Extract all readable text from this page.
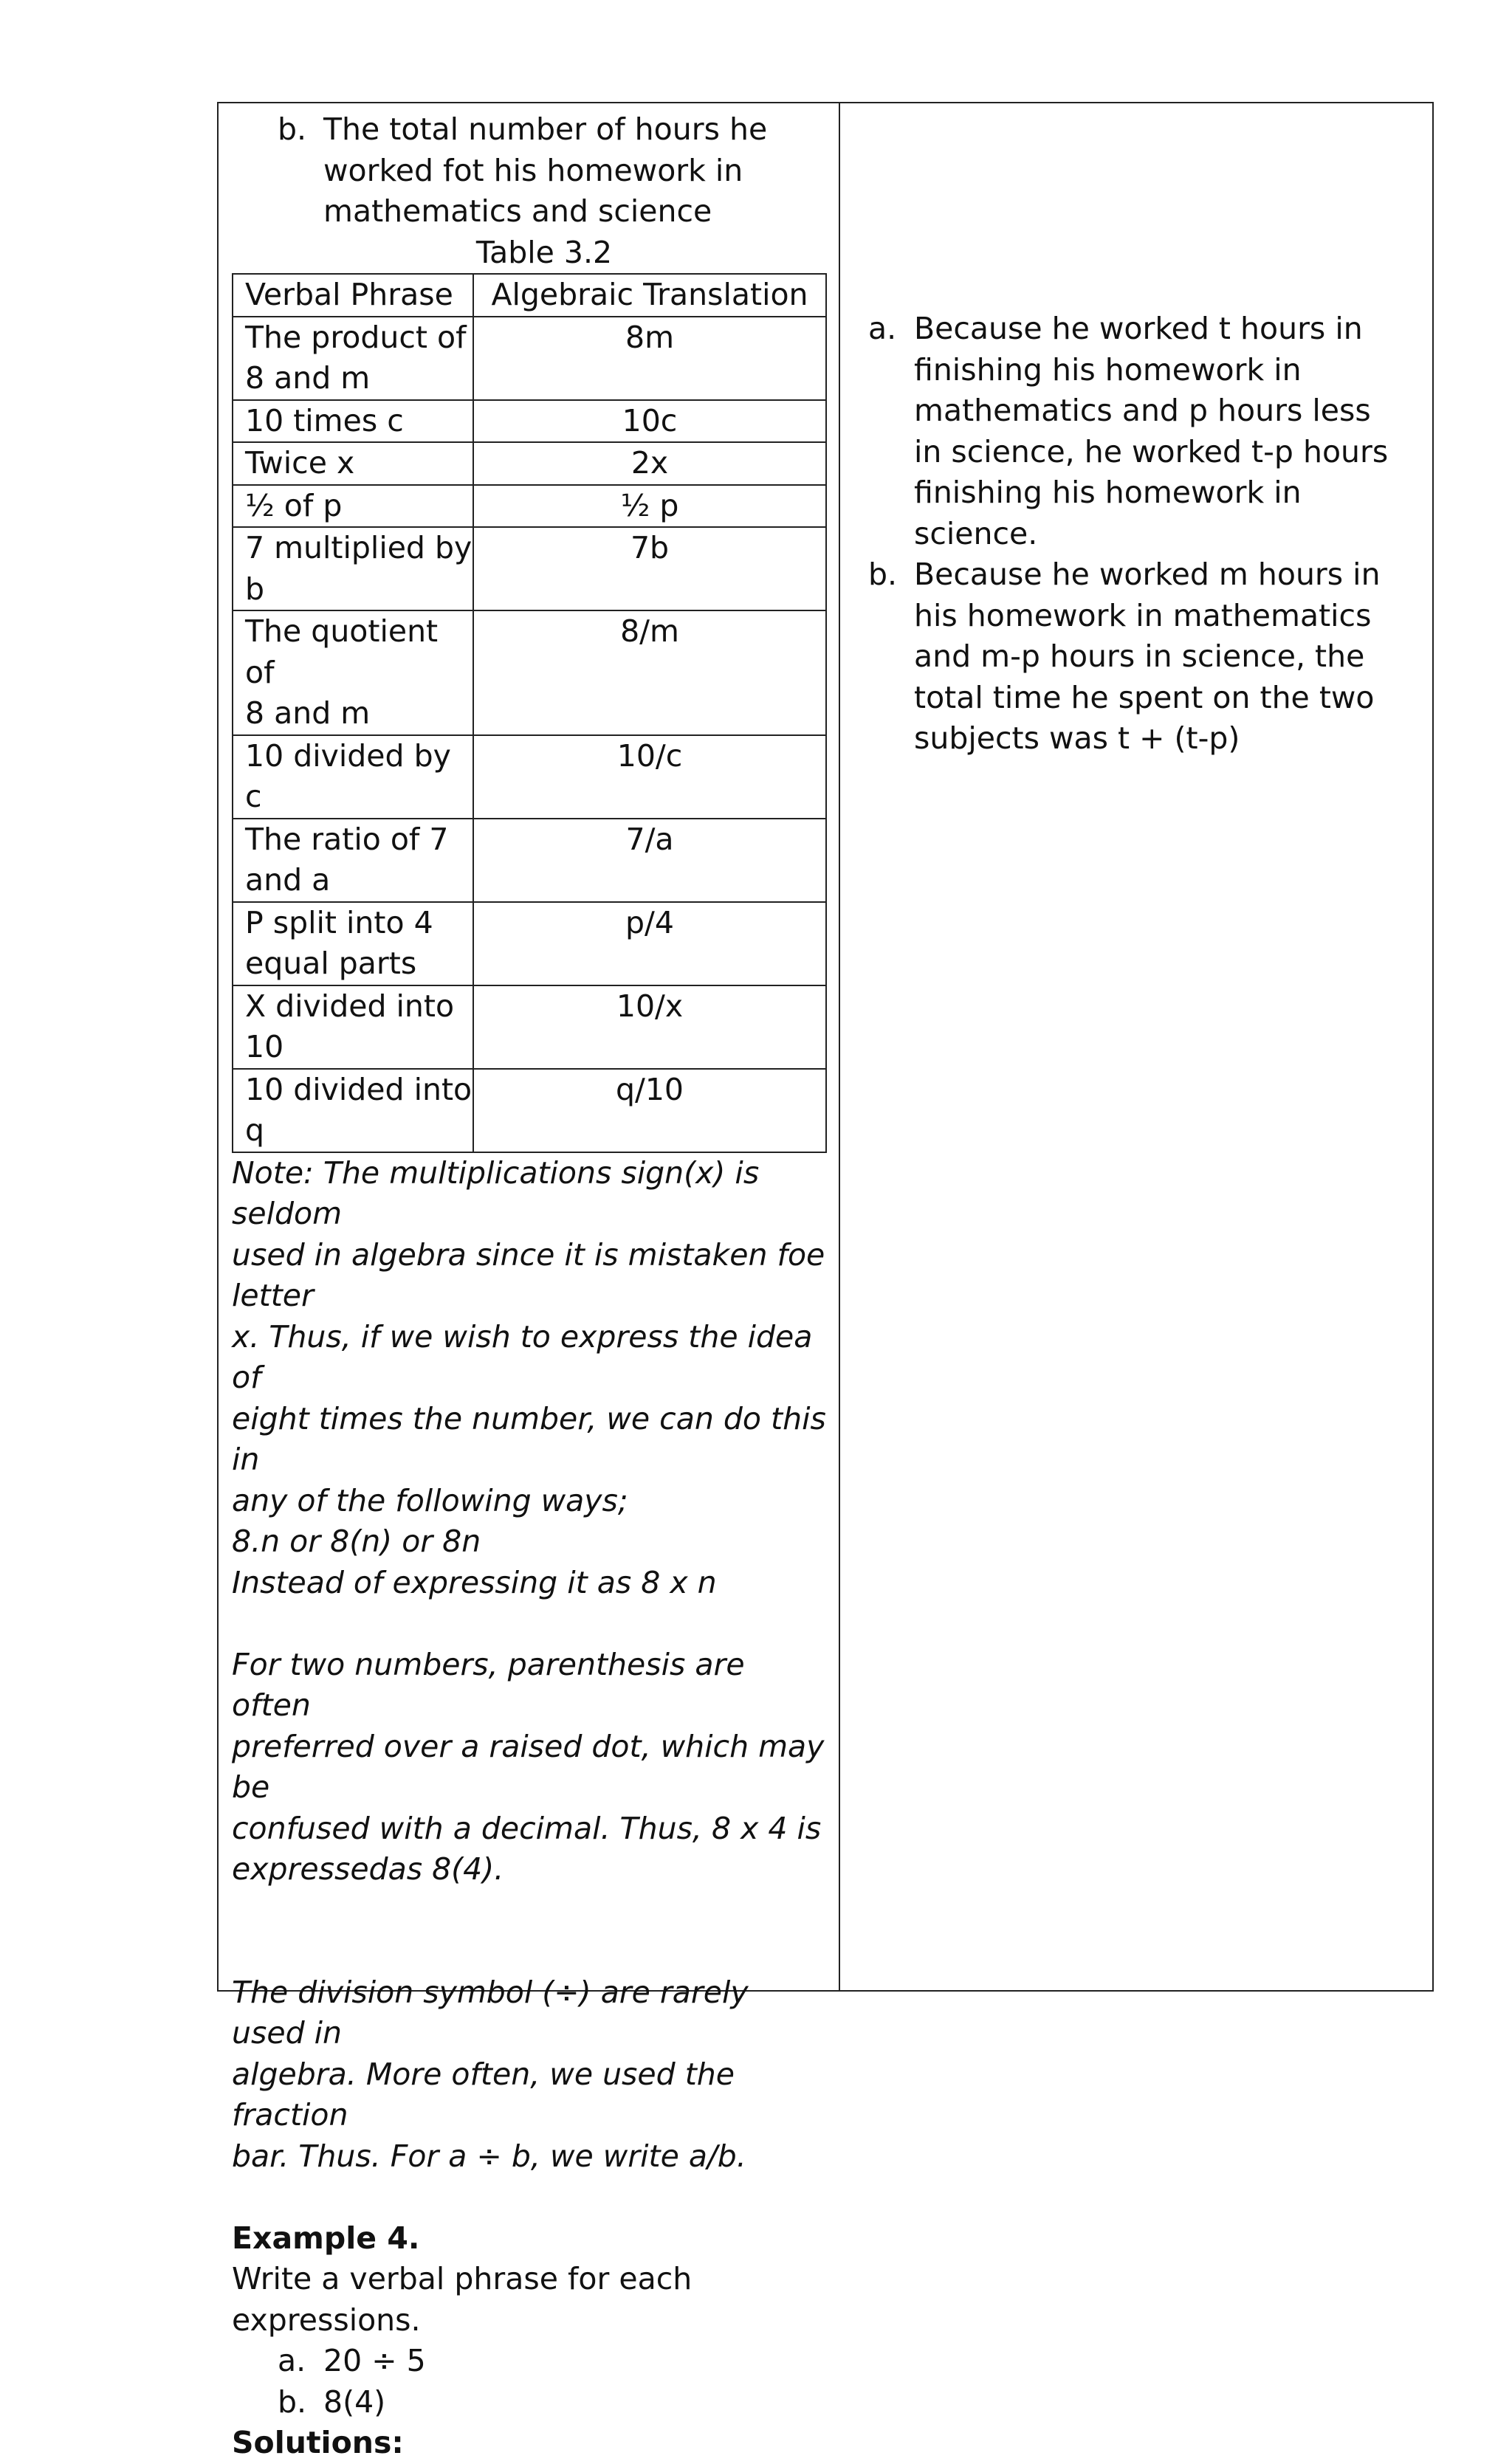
b. The total number of hours he
worked fot his homework in
mathematics and science
Table 3.2
Verbal Phrase	Algebraic Translation

The product of
8 and m	8m

10 times c	10c

Twice x	2x

½ of p	½ p

7 multiplied by
b	7b

The quotient of
8 and m	8/m

10 divided by c	10/c

The ratio of 7
and a	7/a

P split into 4
equal parts	p/4

X divided into
10	10/x

10 divided into
q	q/10

Note: The multiplications sign(x) is seldom

used in algebra since it is mistaken foe letter

x. Thus, if we wish to express the idea of

eight times the number, we can do this in

any of the following ways;

8.n or 8(n) or 8n

Instead of expressing it as 8 x n

For two numbers, parenthesis are often

preferred over a raised dot, which may be

confused with a decimal. Thus, 8 x 4 is

expressedas 8(4).

The division symbol (÷) are rarely used in

algebra. More often, we used the fraction

bar. Thus. For a ÷ b, we write a/b.

Example 4.
Write a verbal phrase for each expressions.
a. 20 ÷ 5
b. 8(4)
Solutions:
a. Because he worked t hours in
finishing his homework in
mathematics and p hours less
in science, he worked t-p hours
finishing his homework in
science.
b. Because he worked m hours in
his homework in mathematics
and m-p hours in science, the
total time he spent on the two
subjects was t + (t-p)
